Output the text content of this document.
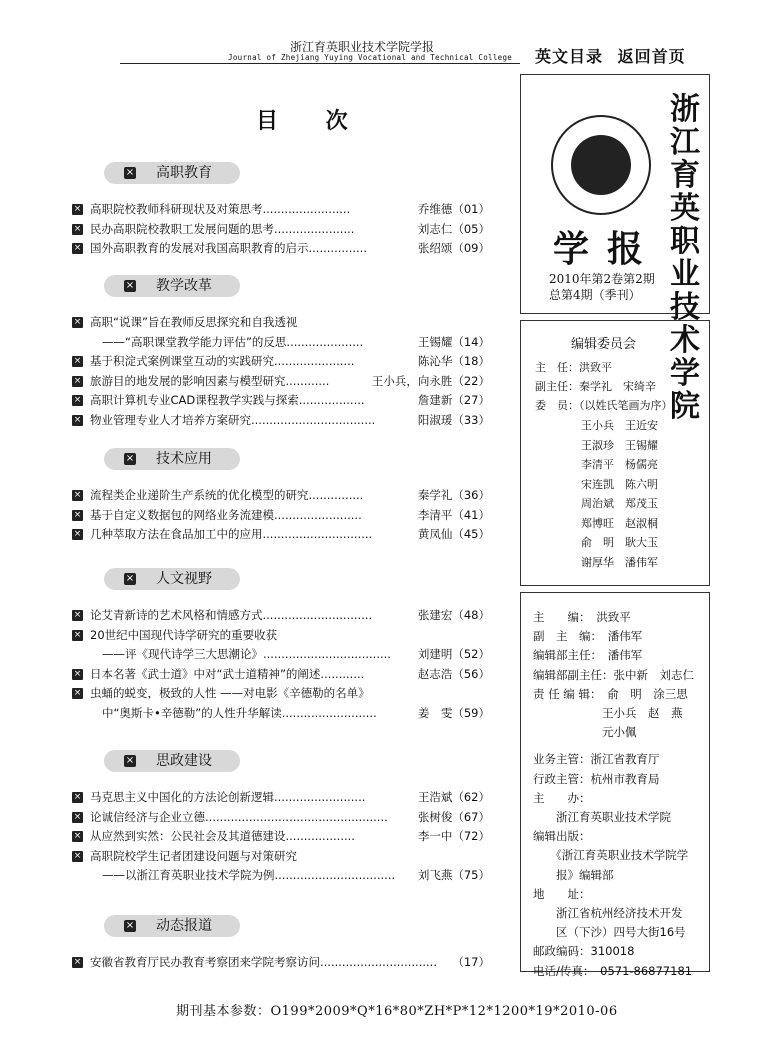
浙江育英职业技术学院学报
Journal of Zhejiang Yuying Vocational and Technical College 英文目录 返回首页
目 次
× 高职教育
× 高职院校教师科研现状及对策思考........................	乔维德（01）
× 民办高职院校教职工发展问题的思考......................	刘志仁（05）
× 国外高职教育的发展对我国高职教育的启示................	张绍颂（09）
× 教学改革
× 高职“说课”旨在教师反思探究和自我透视
——“高职课堂教学能力评估”的反思.....................	王锡耀（14）
× 基于积淀式案例课堂互动的实践研究......................	陈沁华（18）
× 旅游目的地发展的影响因素与模型研究............	王小兵，向永胜（22）
× 高职计算机专业CAD课程教学实践与探索..................	詹建新（27）
× 物业管理专业人才培养方案研究..................................	阳淑瑗（33）
× 技术应用
× 流程类企业递阶生产系统的优化模型的研究...............	秦学礼（36）
× 基于自定义数据包的网络业务流建模........................	李清平（41）
× 几种萃取方法在食品加工中的应用..............................	黄凤仙（45）
× 人文视野
× 论艾青新诗的艺术风格和情感方式..............................	张建宏（48）
× 20世纪中国现代诗学研究的重要收获
——评《现代诗学三大思潮论》................................... 刘建明（52）
× 日本名著《武士道》中对“武士道精神”的阐述............	赵志浩（56）
× 虫蛹的蜕变，极致的人性 ——对电影《辛德勒的名单》
中“奥斯卡•辛德勒”的人性升华解读..........................	姜　雯（59）
× 思政建设
× 马克思主义中国化的方法论创新逻辑.........................	王浩斌（62）
× 论诚信经济与企业立德..................................................	张树俊（67）
× 从应然到实然：公民社会及其道德建设...................	李一中（72）
× 高职院校学生记者团建设问题与对策研究
——以浙江育英职业技术学院为例................................. 刘飞燕（75）
× 动态报道
× 安徽省教育厅民办教育考察团来学院考察访问................................ （17）
浙江育英职业技术学院
学报
2010年第2卷第2期
总第4期（季刊）
编辑委员会
主　任：洪致平
副主任：秦学礼　宋绮辛
委　员：（以姓氏笔画为序）
王小兵　王近安
王淑珍　王锡耀
李清平　杨儒亮
宋连凯　陈六明
周治斌　郑茂玉
郑博旺　赵淑桐
俞　明　耿大玉
谢厚华　潘伟军
主　　编：　洪致平
副　主　编：　潘伟军
编辑部主任：　潘伟军
编辑部副主任：张中新　刘志仁
责 任 编 辑：　俞　明　涂三思
　　　　　　王小兵　赵　燕
　　　　　　元小佩
业务主管：浙江省教育厅
行政主管：杭州市教育局
主　　办：
　　浙江育英职业技术学院
编辑出版：
　　《浙江育英职业技术学院学
　　报》编辑部
地　　址：
　　浙江省杭州经济技术开发
　　区（下沙）四号大街16号
邮政编码：310018
电话/传真：　0571-86877181
期刊基本参数：O199*2009*Q*16*80*ZH*P*12*1200*19*2010-06
